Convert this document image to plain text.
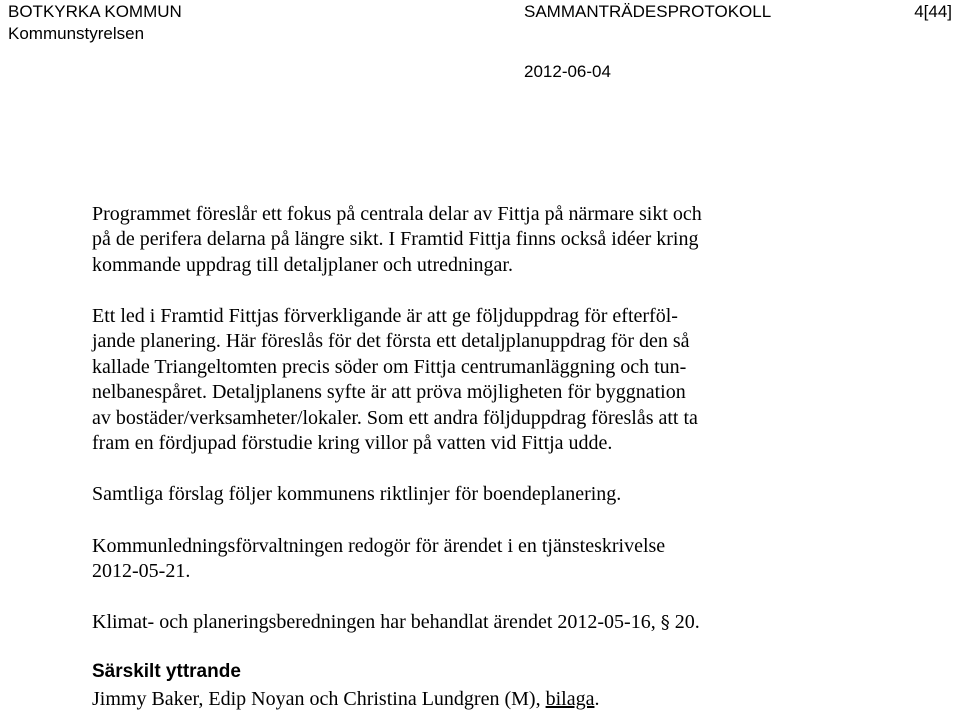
BOTKYRKA KOMMUN
Kommunstyrelsen
SAMMANTRÄDESPROTOKOLL	4[44]
2012-06-04
Programmet föreslår ett fokus på centrala delar av Fittja på närmare sikt och
på de perifera delarna på längre sikt. I Framtid Fittja finns också idéer kring
kommande uppdrag till detaljplaner och utredningar.
Ett led i Framtid Fittjas förverkligande är att ge följduppdrag för efterföl-
jande planering. Här föreslås för det första ett detaljplanuppdrag för den så
kallade Triangeltomten precis söder om Fittja centrumanläggning och tun-
nelbanespåret. Detaljplanens syfte är att pröva möjligheten för byggnation
av bostäder/verksamheter/lokaler. Som ett andra följduppdrag föreslås att ta
fram en fördjupad förstudie kring villor på vatten vid Fittja udde.
Samtliga förslag följer kommunens riktlinjer för boendeplanering.
Kommunledningsförvaltningen redogör för ärendet i en tjänsteskrivelse
2012-05-21.
Klimat- och planeringsberedningen har behandlat ärendet 2012-05-16, § 20.
Särskilt yttrande
Jimmy Baker, Edip Noyan och Christina Lundgren (M), bilaga.
